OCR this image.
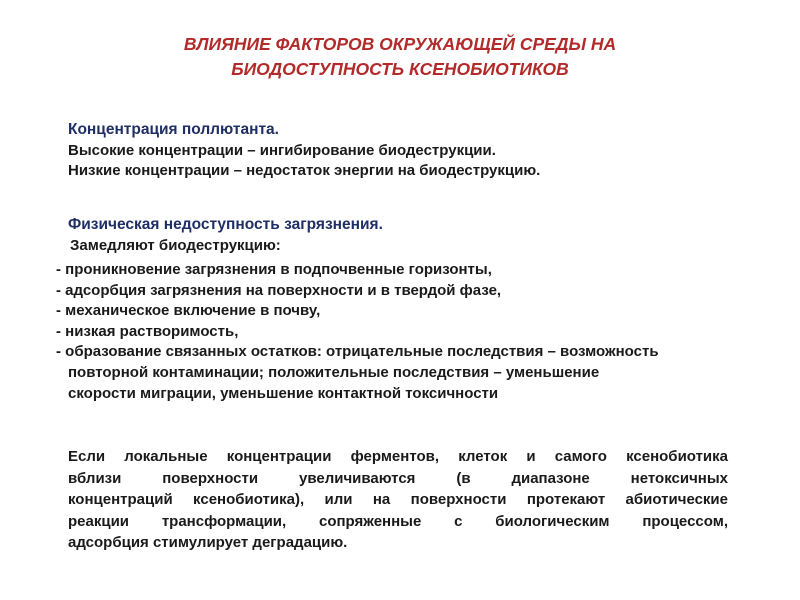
ВЛИЯНИЕ ФАКТОРОВ ОКРУЖАЮЩЕЙ СРЕДЫ НА
БИОДОСТУПНОСТЬ КСЕНОБИОТИКОВ
Концентрация поллютанта.
Высокие концентрации – ингибирование биодеструкции.
Низкие концентрации – недостаток энергии на биодеструкцию.
Физическая недоступность загрязнения.
Замедляют биодеструкцию:
- проникновение загрязнения в подпочвенные горизонты,
- адсорбция загрязнения на поверхности и в твердой фазе,
- механическое включение в почву,
- низкая растворимость,
- образование связанных остатков: отрицательные последствия – возможность
повторной контаминации; положительные последствия – уменьшение
скорости миграции, уменьшение контактной токсичности
Если локальные концентрации ферментов, клеток и самого ксенобиотика
вблизи поверхности увеличиваются (в диапазоне нетоксичных
концентраций ксенобиотика), или на поверхности протекают абиотические
реакции трансформации, сопряженные с биологическим процессом,
адсорбция стимулирует деградацию.
